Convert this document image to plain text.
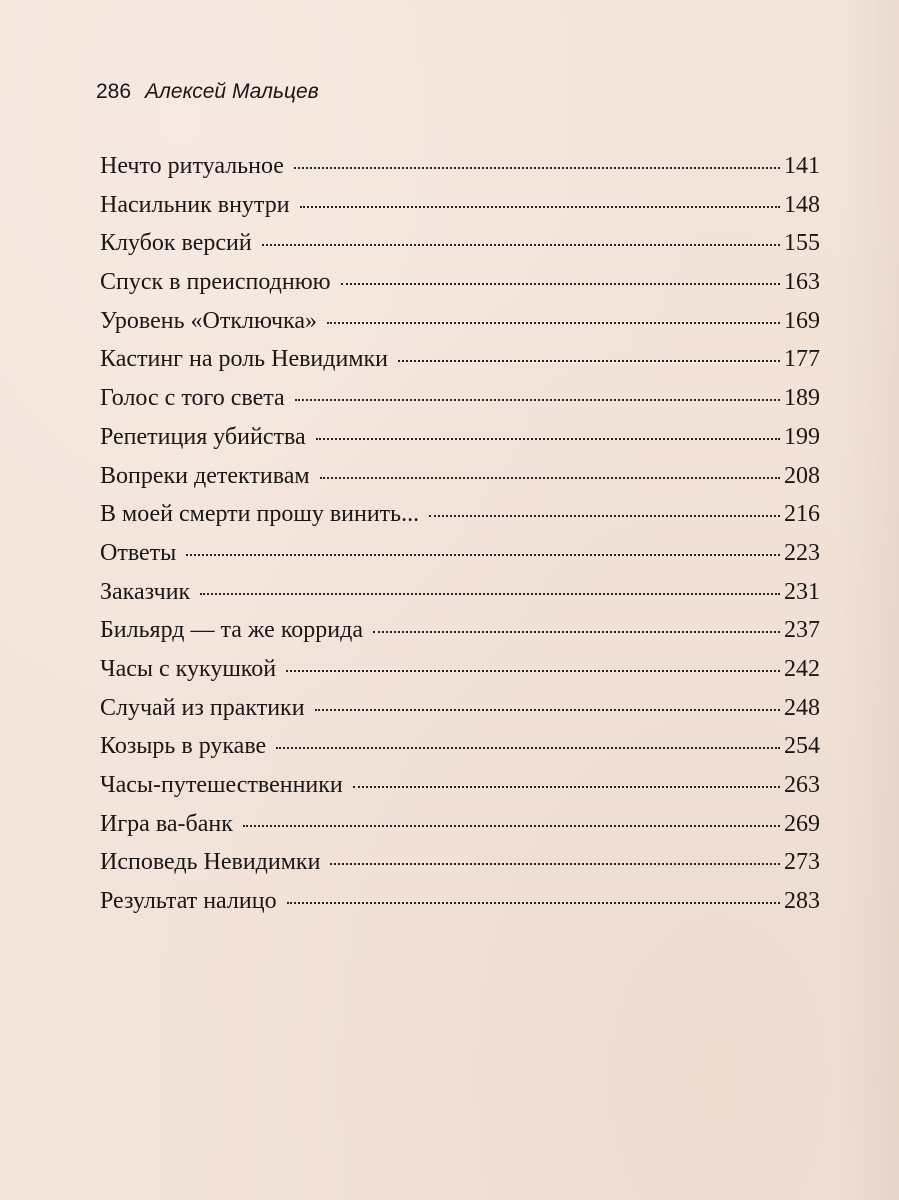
286 Алексей Мальцев
Нечто ритуальное	141
Насильник внутри	148
Клубок версий	155
Спуск в преисподнюю	163
Уровень «Отключка»	169
Кастинг на роль Невидимки	177
Голос с того света	189
Репетиция убийства	199
Вопреки детективам	208
В моей смерти прошу винить...	216
Ответы	223
Заказчик	231
Бильярд — та же коррида	237
Часы с кукушкой	242
Случай из практики	248
Козырь в рукаве	254
Часы-путешественники	263
Игра ва-банк	269
Исповедь Невидимки	273
Результат налицо	283
